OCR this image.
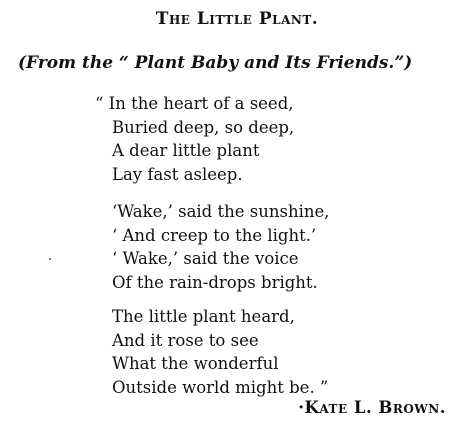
The Little Plant.
(From the “ Plant Baby and Its Friends.”)
“ In the heart of a seed,
Buried deep, so deep,
A dear little plant
Lay fast asleep.
‘Wake,’ said the sunshine,
‘ And creep to the light.’
‘ Wake,’ said the voice
Of the rain-drops bright.
The little plant heard,
And it rose to see
What the wonderful
Outside world might be. ”
·Kate L. Brown.
